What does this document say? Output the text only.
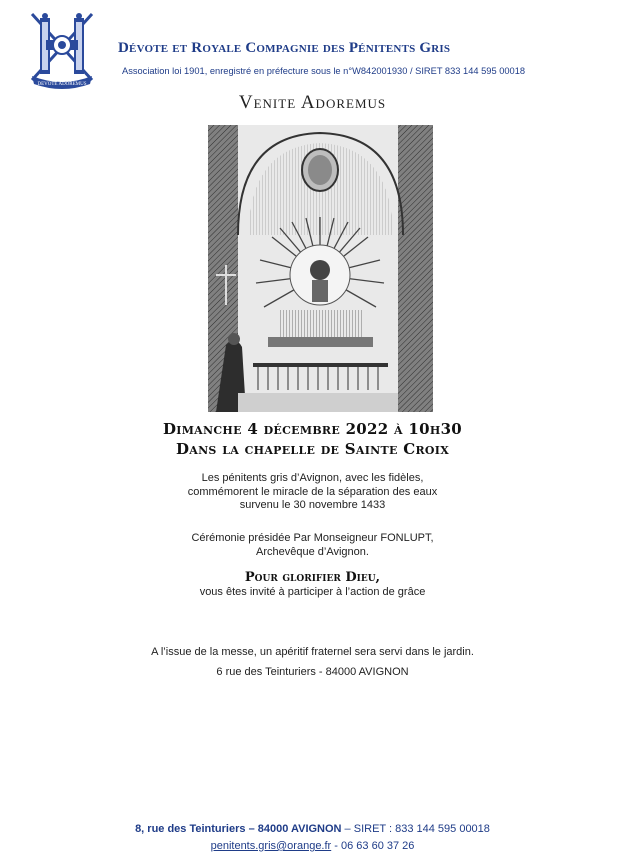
DEVOTE ADOREMUS
Dévote et Royale Compagnie des Pénitents Gris
Association loi 1901, enregistré en préfecture sous le n°W842001930 / SIRET 833 144 595 00018
Venite Adoremus
Dimanche 4 décembre 2022 à 10h30
Dans la chapelle de Sainte Croix
Les pénitents gris d’Avignon, avec les fidèles,
commémorent le miracle de la séparation des eaux
survenu le 30 novembre 1433
Cérémonie présidée Par Monseigneur FONLUPT,
Archevêque d’Avignon.
Pour glorifier Dieu,
vous êtes invité à participer à l’action de grâce
A l’issue de la messe, un apéritif fraternel sera servi dans le jardin.
6 rue des Teinturiers - 84000 AVIGNON
8, rue des Teinturiers – 84000 AVIGNON – SIRET : 833 144 595 00018
penitents.gris@orange.fr - 06 63 60 37 26
